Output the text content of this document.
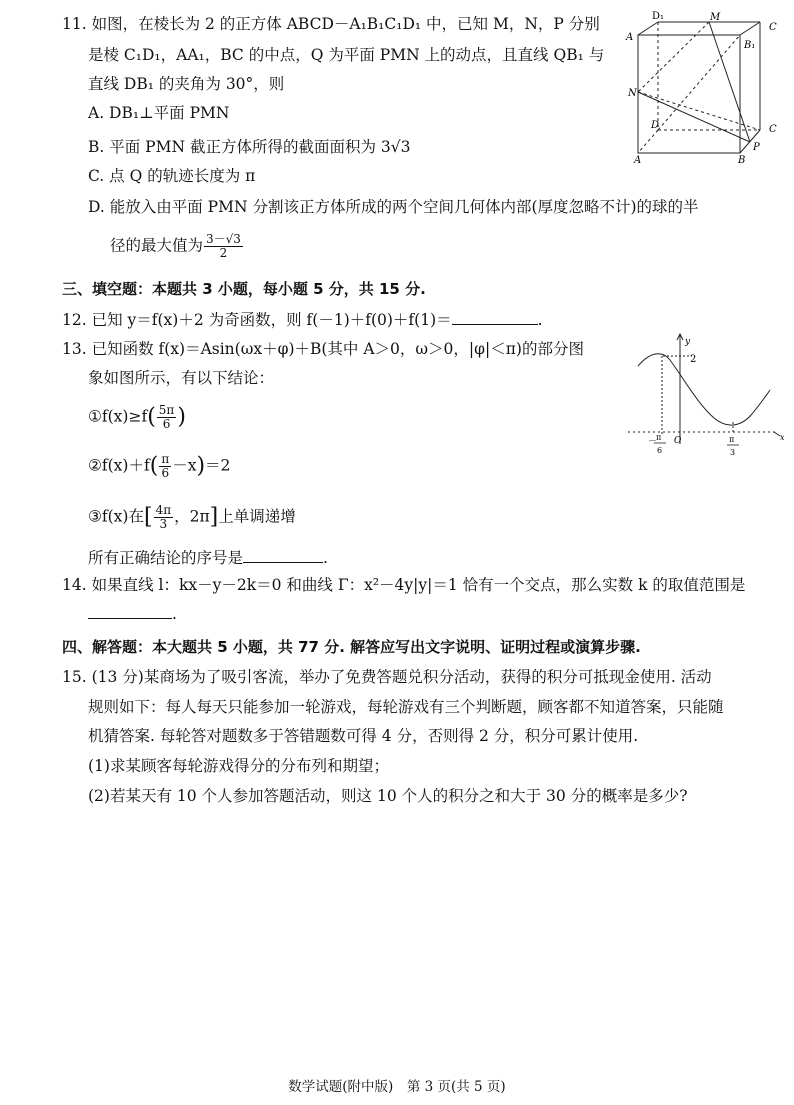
11. 如图，在棱长为 2 的正方体 ABCD－A₁B₁C₁D₁ 中，已知 M，N，P 分别
是棱 C₁D₁，AA₁，BC 的中点，Q 为平面 PMN 上的动点，且直线 QB₁ 与
直线 DB₁ 的夹角为 30°，则
A. DB₁⊥平面 PMN
B. 平面 PMN 截正方体所得的截面面积为 3√3
C. 点 Q 的轨迹长度为 π
D. 能放入由平面 PMN 分割该正方体所成的两个空间几何体内部(厚度忽略不计)的球的半
径的最大值为 $\frac{3-√3}{2}$
D₁	M
C
A
B₁
N
D	C
A	B
P
三、填空题：本题共 3 小题，每小题 5 分，共 15 分.
12. 已知 y＝f(x)＋2 为奇函数，则 f(－1)＋f(0)＋f(1)＝	.
13. 已知函数 f(x)＝Asin(ωx＋φ)＋B(其中 A＞0，ω＞0，|φ|＜π)的部分图
象如图所示，有以下结论：
①f(x)≥f( $\frac{5\pi}{6}$ )
②f(x)＋f( $\frac{\pi}{6} -x)=2$
③f(x)在[ $\frac{4\pi}{3}$ ，2π]上单调递增
所有正确结论的序号是	.
y
2
O	x
－
π
6
π
3
14. 如果直线 l：kx－y－2k＝0 和曲线 Γ：x²－4y|y|＝1 恰有一个交点，那么实数 k 的取值范围是
.
四、解答题：本大题共 5 小题，共 77 分. 解答应写出文字说明、证明过程或演算步骤.
15. (13 分)某商场为了吸引客流，举办了免费答题兑积分活动，获得的积分可抵现金使用. 活动
规则如下：每人每天只能参加一轮游戏，每轮游戏有三个判断题，顾客都不知道答案，只能随
机猜答案. 每轮答对题数多于答错题数可得 4 分，否则得 2 分，积分可累计使用.
(1)求某顾客每轮游戏得分的分布列和期望；
(2)若某天有 10 个人参加答题活动，则这 10 个人的积分之和大于 30 分的概率是多少?
数学试题(附中版)　第 3 页(共 5 页)
